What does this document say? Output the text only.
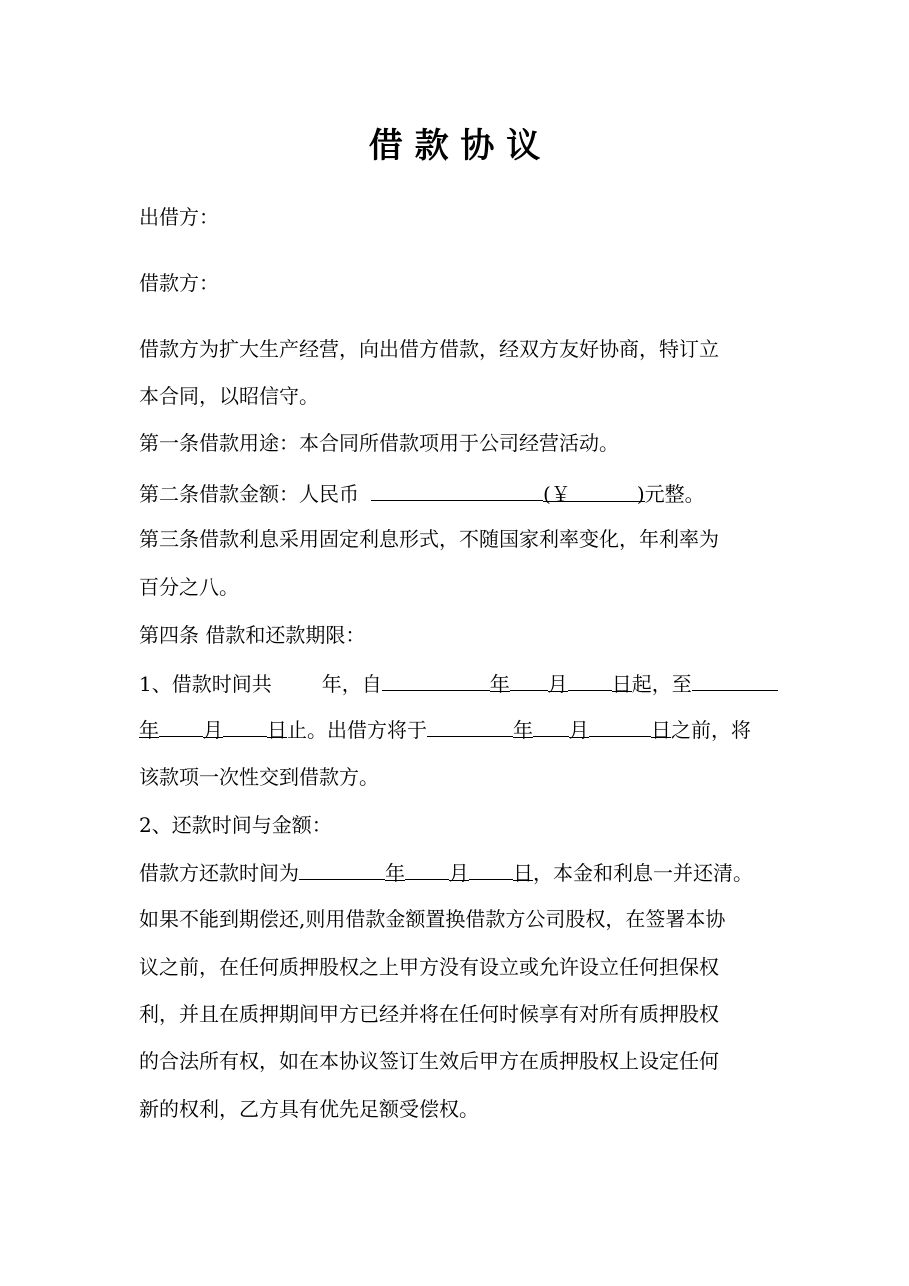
借 款 协 议
出借方：
借款方：
借款方为扩大生产经营，向出借方借款，经双方友好协商，特订立
本合同，以昭信守。
第一条借款用途：本合同所借款项用于公司经营活动。
第二条借款金额：人民币	(￥	)元整。
第三条借款利息采用固定利息形式，不随国家利率变化，年利率为
百分之八。
第四条 借款和还款期限：
1、借款时间共	年，自	年 月 日起，至
年 月 日止。出借方将于	年 月	日之前，将
该款项一次性交到借款方。
2、还款时间与金额：
借款方还款时间为	年 月 日，本金和利息一并还清。
如果不能到期偿还,则用借款金额置换借款方公司股权，在签署本协
议之前，在任何质押股权之上甲方没有设立或允许设立任何担保权
利，并且在质押期间甲方已经并将在任何时候享有对所有质押股权
的合法所有权，如在本协议签订生效后甲方在质押股权上设定任何
新的权利，乙方具有优先足额受偿权。
